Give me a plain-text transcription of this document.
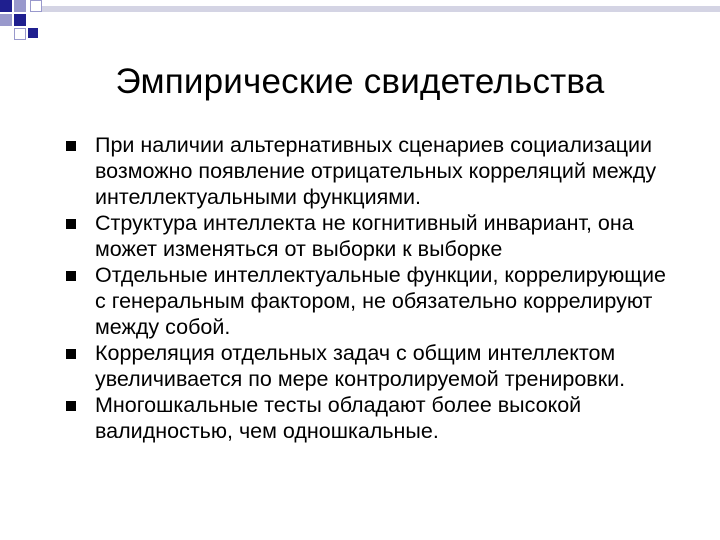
Эмпирические свидетельства
При наличии альтернативных сценариев социализации возможно появление отрицательных корреляций между интеллектуальными функциями.
Структура интеллекта не когнитивный инвариант, она может изменяться от выборки к выборке
Отдельные интеллектуальные функции, коррелирующие с генеральным фактором, не обязательно коррелируют между собой.
Корреляция отдельных задач с общим интеллектом увеличивается по мере контролируемой тренировки.
Многошкальные тесты обладают более высокой валидностью, чем одношкальные.
